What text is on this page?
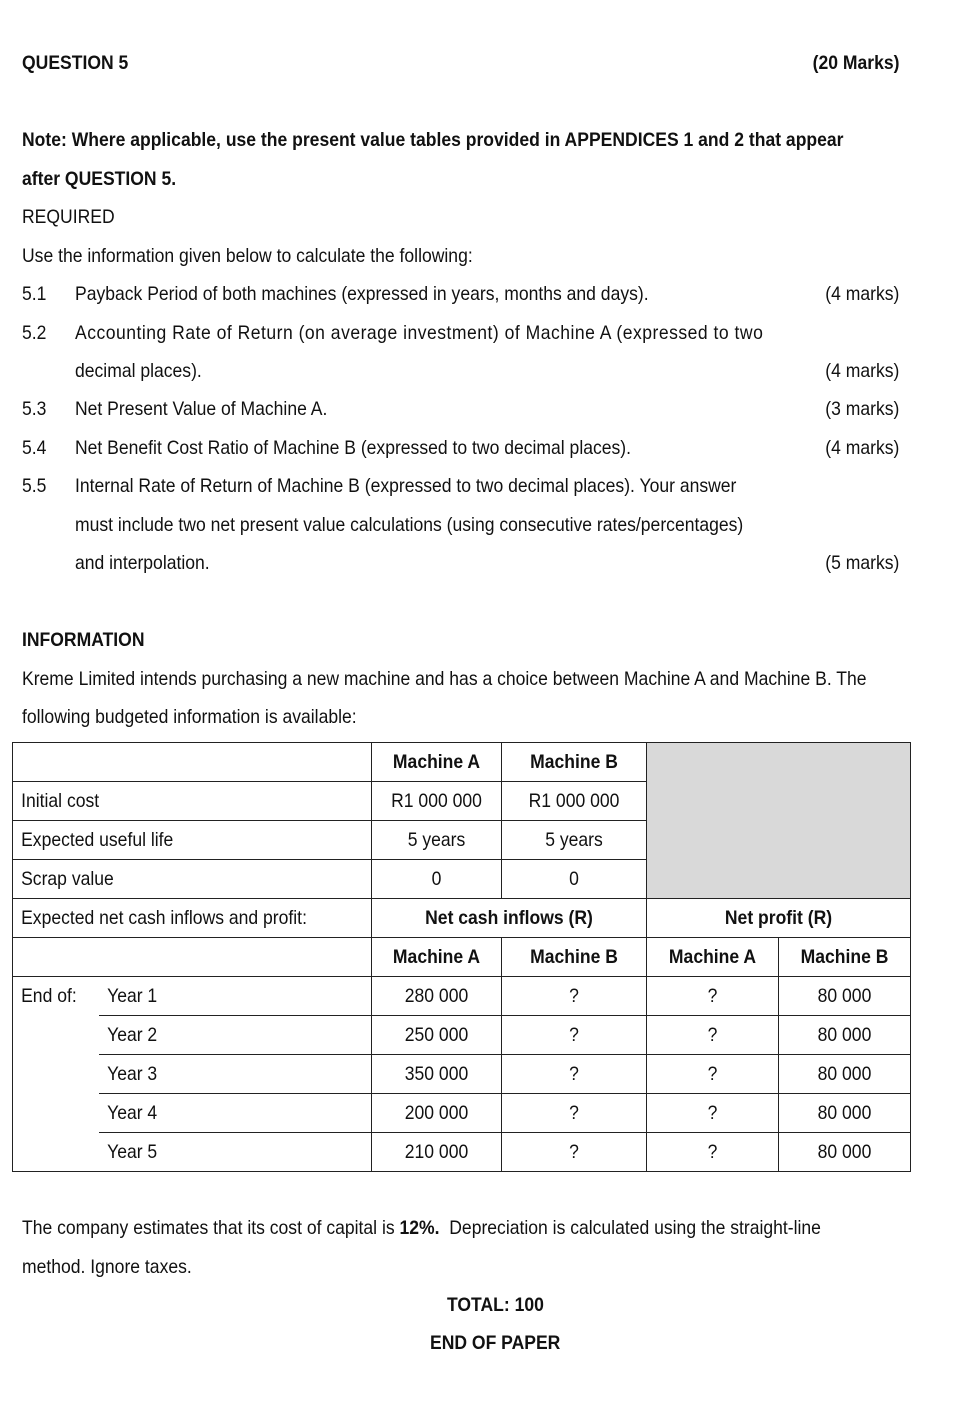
QUESTION 5	(20 Marks)
Note: Where applicable, use the present value tables provided in APPENDICES 1 and 2 that appear
after QUESTION 5.
REQUIRED
Use the information given below to calculate the following:
5.1 Payback Period of both machines (expressed in years, months and days).	(4 marks)
5.2 Accounting Rate of Return (on average investment) of Machine A (expressed to two
decimal places).	(4 marks)
5.3 Net Present Value of Machine A.	(3 marks)
5.4 Net Benefit Cost Ratio of Machine B (expressed to two decimal places).	(4 marks)
5.5 Internal Rate of Return of Machine B (expressed to two decimal places). Your answer
must include two net present value calculations (using consecutive rates/percentages)
and interpolation.	(5 marks)
INFORMATION
Kreme Limited intends purchasing a new machine and has a choice between Machine A and Machine B. The
following budgeted information is available:

		Machine A	Machine B		

Initial cost		R1 000 000	R1 000 000		

Expected useful life		5 years	5 years		

Scrap value		0	0		

Expected net cash inflows and profit:		Net cash inflows (R)		Net profit (R)	

		Machine A	Machine B	Machine A	Machine B

End of:	Year 1	280 000	?	?	80 000

	Year 2	250 000	?	?	80 000

	Year 3	350 000	?	?	80 000

	Year 4	200 000	?	?	80 000

	Year 5	210 000	?	?	80 000
The company estimates that its cost of capital is 12%. Depreciation is calculated using the straight-line
method. Ignore taxes.
TOTAL: 100
END OF PAPER
